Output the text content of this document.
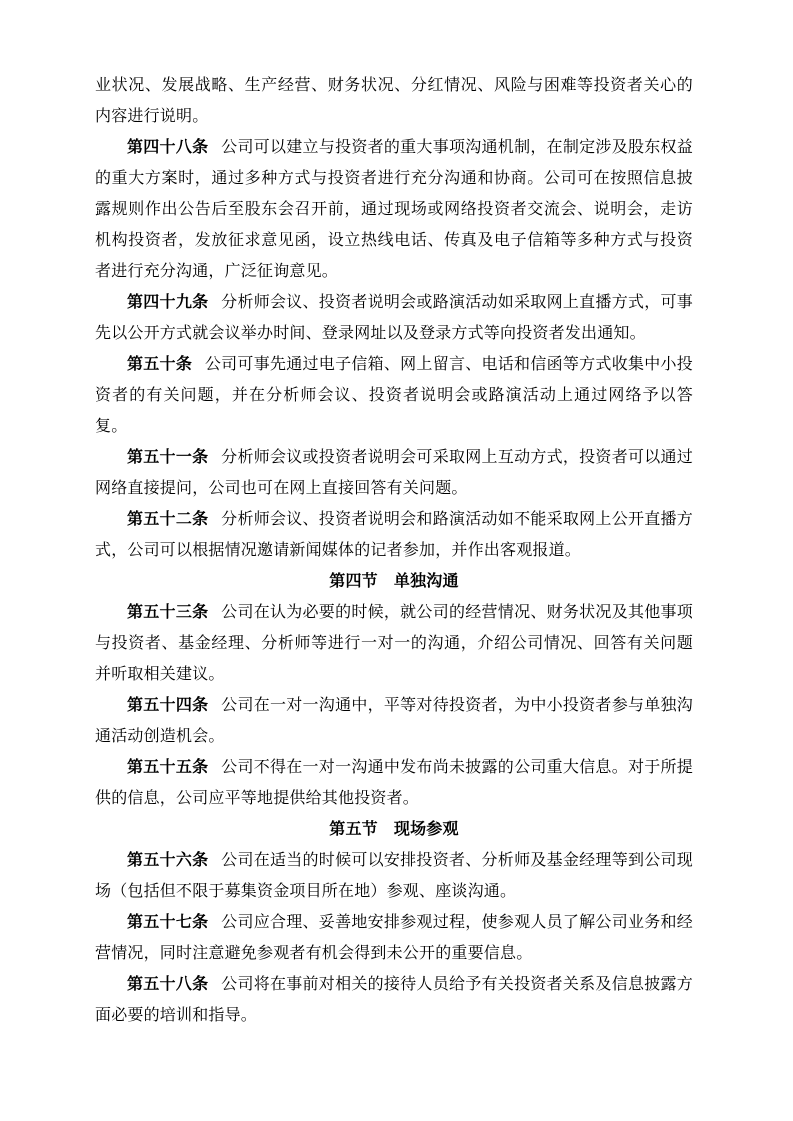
业状况、发展战略、生产经营、财务状况、分红情况、风险与困难等投资者关心的内容进行说明。

第四十八条 公司可以建立与投资者的重大事项沟通机制，在制定涉及股东权益的重大方案时，通过多种方式与投资者进行充分沟通和协商。公司可在按照信息披露规则作出公告后至股东会召开前，通过现场或网络投资者交流会、说明会，走访机构投资者，发放征求意见函，设立热线电话、传真及电子信箱等多种方式与投资者进行充分沟通，广泛征询意见。

第四十九条 分析师会议、投资者说明会或路演活动如采取网上直播方式，可事先以公开方式就会议举办时间、登录网址以及登录方式等向投资者发出通知。

第五十条 公司可事先通过电子信箱、网上留言、电话和信函等方式收集中小投资者的有关问题，并在分析师会议、投资者说明会或路演活动上通过网络予以答复。

第五十一条 分析师会议或投资者说明会可采取网上互动方式，投资者可以通过网络直接提问，公司也可在网上直接回答有关问题。

第五十二条 分析师会议、投资者说明会和路演活动如不能采取网上公开直播方式，公司可以根据情况邀请新闻媒体的记者参加，并作出客观报道。

第四节 单独沟通

第五十三条 公司在认为必要的时候，就公司的经营情况、财务状况及其他事项与投资者、基金经理、分析师等进行一对一的沟通，介绍公司情况、回答有关问题并听取相关建议。

第五十四条 公司在一对一沟通中，平等对待投资者，为中小投资者参与单独沟通活动创造机会。

第五十五条 公司不得在一对一沟通中发布尚未披露的公司重大信息。对于所提供的信息，公司应平等地提供给其他投资者。

第五节 现场参观

第五十六条 公司在适当的时候可以安排投资者、分析师及基金经理等到公司现场（包括但不限于募集资金项目所在地）参观、座谈沟通。

第五十七条 公司应合理、妥善地安排参观过程，使参观人员了解公司业务和经营情况，同时注意避免参观者有机会得到未公开的重要信息。

第五十八条 公司将在事前对相关的接待人员给予有关投资者关系及信息披露方面必要的培训和指导。
